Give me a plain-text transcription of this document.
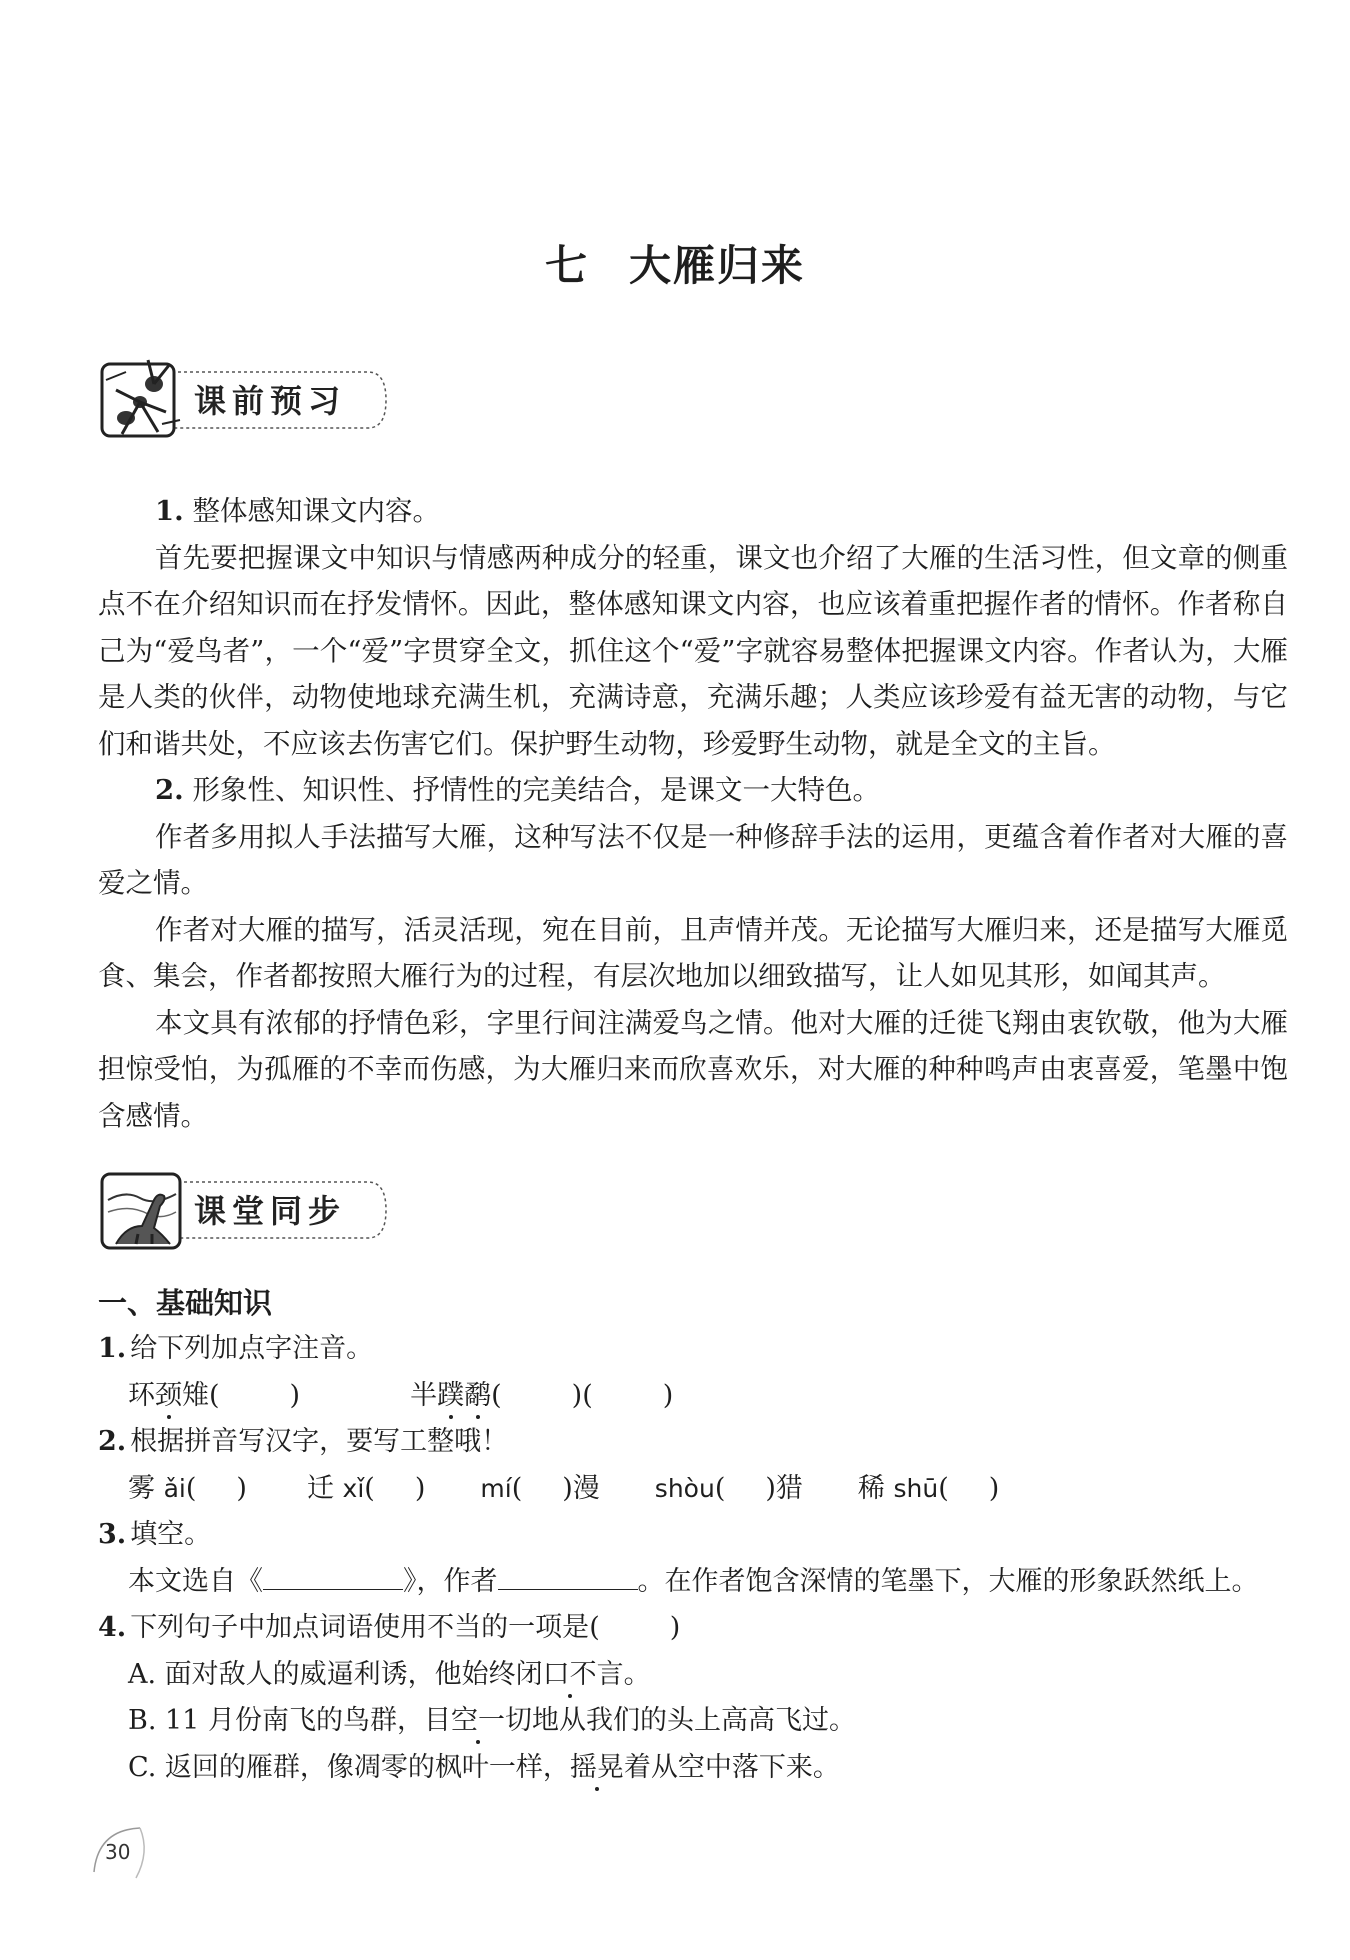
七 大雁归来
课前预习

1. 整体感知课文内容。

首先要把握课文中知识与情感两种成分的轻重，课文也介绍了大雁的生活习性，但文章的侧重点不在介绍知识而在抒发情怀。因此，整体感知课文内容，也应该着重把握作者的情怀。作者称自己为“爱鸟者”，一个“爱”字贯穿全文，抓住这个“爱”字就容易整体把握课文内容。作者认为，大雁是人类的伙伴，动物使地球充满生机，充满诗意，充满乐趣；人类应该珍爱有益无害的动物，与它们和谐共处，不应该去伤害它们。保护野生动物，珍爱野生动物，就是全文的主旨。

2. 形象性、知识性、抒情性的完美结合，是课文一大特色。

作者多用拟人手法描写大雁，这种写法不仅是一种修辞手法的运用，更蕴含着作者对大雁的喜爱之情。

作者对大雁的描写，活灵活现，宛在目前，且声情并茂。无论描写大雁归来，还是描写大雁觅食、集会，作者都按照大雁行为的过程，有层次地加以细致描写，让人如见其形，如闻其声。

本文具有浓郁的抒情色彩，字里行间注满爱鸟之情。他对大雁的迁徙飞翔由衷钦敬，他为大雁担惊受怕，为孤雁的不幸而伤感，为大雁归来而欣喜欢乐，对大雁的种种鸣声由衷喜爱，笔墨中饱含感情。

课堂同步

一、基础知识

1. 给下列加点字注音。

环颈雉(	)	半蹼鹬(	)(	)

2. 根据拼音写汉字，要写工整哦！

雾 ǎi( ) 迁 xǐ( ) mí( )漫 shòu( )猎 稀 shū( )

3. 填空。

本文选自《	》，作者	。在作者饱含深情的笔墨下，大雁的形象跃然纸上。

4. 下列句子中加点词语使用不当的一项是(	)

A. 面对敌人的威逼利诱，他始终闭口不言。

B. 11 月份南飞的鸟群，目空一切地从我们的头上高高飞过。

C. 返回的雁群，像凋零的枫叶一样，摇晃着从空中落下来。

30
